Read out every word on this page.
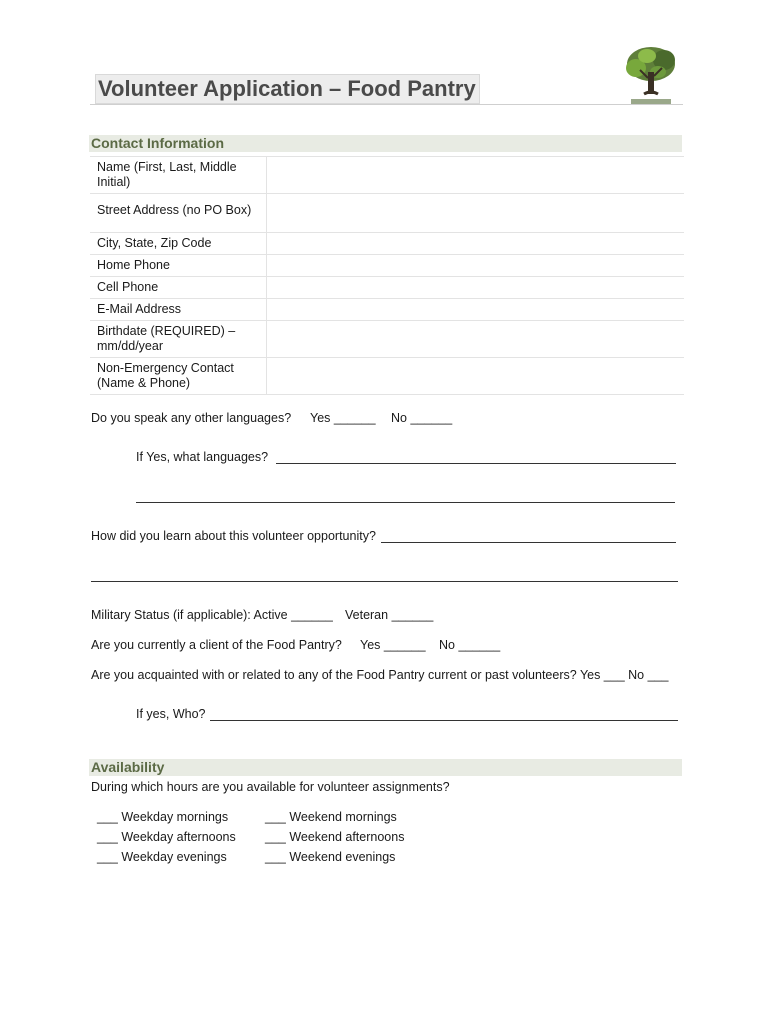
Volunteer Application – Food Pantry
Contact Information
Name (First, Last, Middle Initial)	
Street Address (no PO Box)	
City, State, Zip Code	
Home Phone	
Cell Phone	
E-Mail Address	
Birthdate (REQUIRED) – mm/dd/year	
Non-Emergency Contact (Name & Phone)	
Do you speak any other languages? Yes ______ No ______
If Yes, what languages?
How did you learn about this volunteer opportunity?
Military Status (if applicable): Active ______ Veteran ______
Are you currently a client of the Food Pantry? Yes ______ No ______
Are you acquainted with or related to any of the Food Pantry current or past volunteers? Yes ___ No ___
If yes, Who?
Availability
During which hours are you available for volunteer assignments?
___ Weekday mornings
___ Weekday afternoons
___ Weekday evenings
___ Weekend mornings
___ Weekend afternoons
___ Weekend evenings
